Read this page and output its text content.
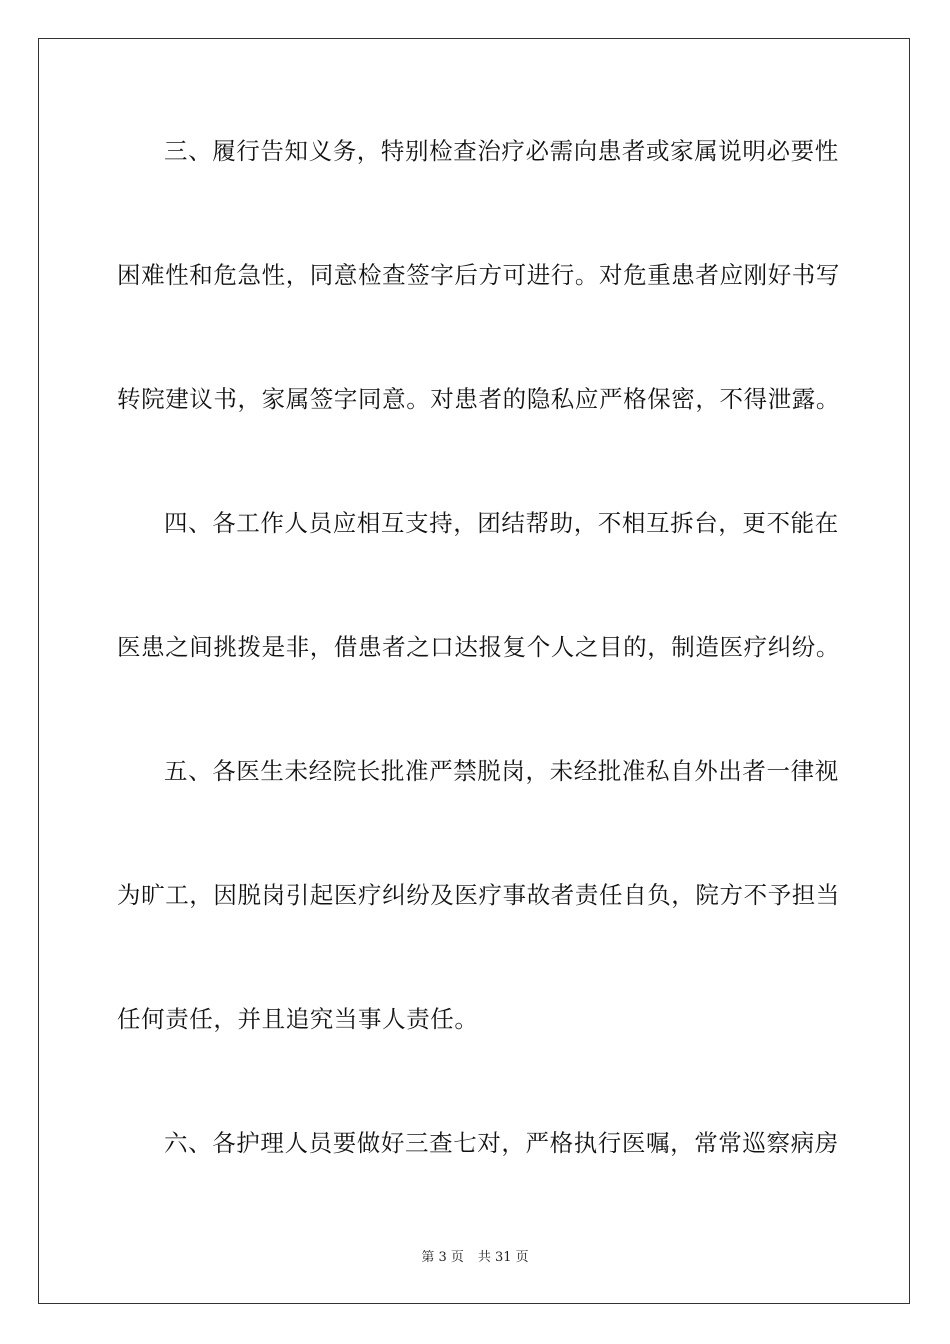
三、履行告知义务，特别检查治疗必需向患者或家属说明必要性
困难性和危急性，同意检查签字后方可进行。对危重患者应刚好书写
转院建议书，家属签字同意。对患者的隐私应严格保密，不得泄露。
四、各工作人员应相互支持，团结帮助，不相互拆台，更不能在
医患之间挑拨是非，借患者之口达报复个人之目的，制造医疗纠纷。
五、各医生未经院长批准严禁脱岗，未经批准私自外出者一律视
为旷工，因脱岗引起医疗纠纷及医疗事故者责任自负，院方不予担当
任何责任，并且追究当事人责任。
六、各护理人员要做好三查七对，严格执行医嘱，常常巡察病房
第 3 页 共 31 页
